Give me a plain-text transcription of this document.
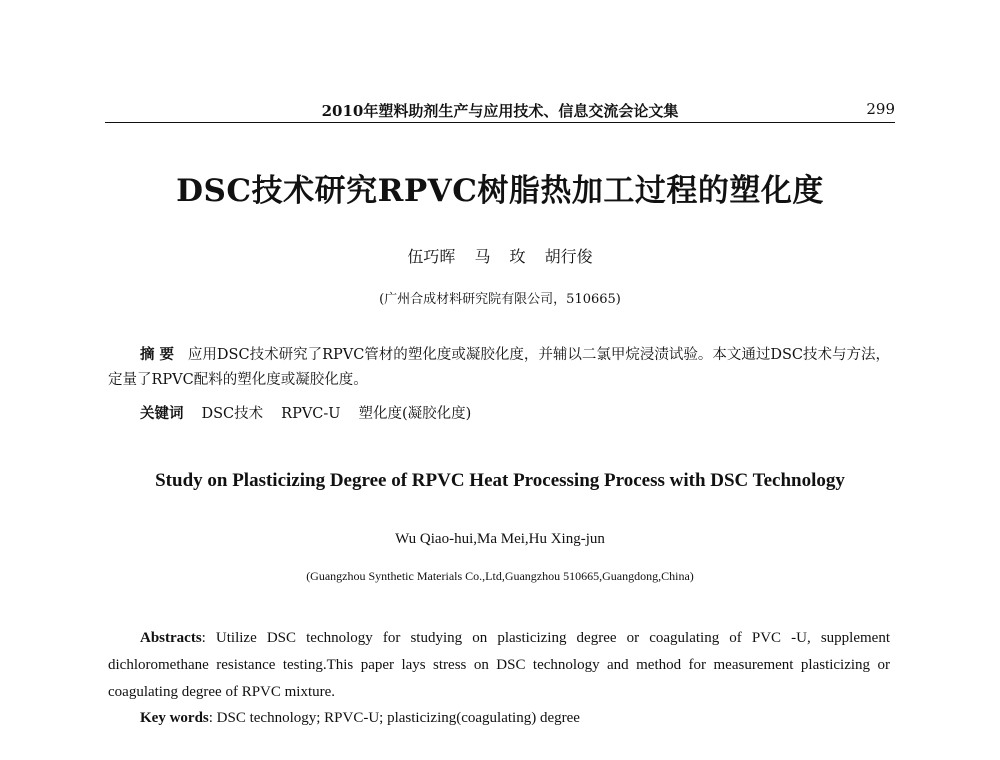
2010年塑料助剂生产与应用技术、信息交流会论文集	299
DSC技术研究RPVC树脂热加工过程的塑化度
伍巧晖 马 玫 胡行俊
(广州合成材料研究院有限公司，510665)
摘 要 应用DSC技术研究了RPVC管材的塑化度或凝胶化度，并辅以二氯甲烷浸渍试验。本文通过DSC技术与方法，定量了RPVC配料的塑化度或凝胶化度。
关键词 DSC技术 RPVC-U 塑化度(凝胶化度)
Study on Plasticizing Degree of RPVC Heat Processing Process with DSC Technology
Wu Qiao-hui,Ma Mei,Hu Xing-jun
(Guangzhou Synthetic Materials Co.,Ltd,Guangzhou 510665,Guangdong,China)
Abstracts: Utilize DSC technology for studying on plasticizing degree or coagulating of PVC -U, supplement dichloromethane resistance testing.This paper lays stress on DSC technology and method for measurement plasticizing or coagulating degree of RPVC mixture.
Key words: DSC technology; RPVC-U; plasticizing(coagulating) degree
